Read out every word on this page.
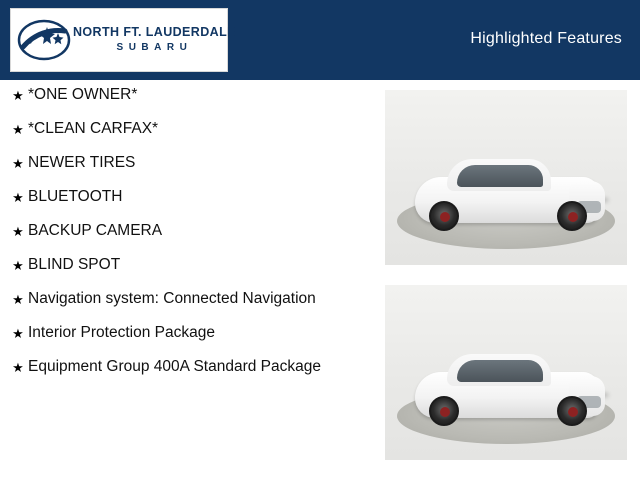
NORTH FT. LAUDERDALE
SUBARU
Highlighted Features
★ *ONE OWNER*
★ *CLEAN CARFAX*
★ NEWER TIRES
★ BLUETOOTH
★ BACKUP CAMERA
★ BLIND SPOT
★ Navigation system: Connected Navigation
★ Interior Protection Package
★ Equipment Group 400A Standard Package
